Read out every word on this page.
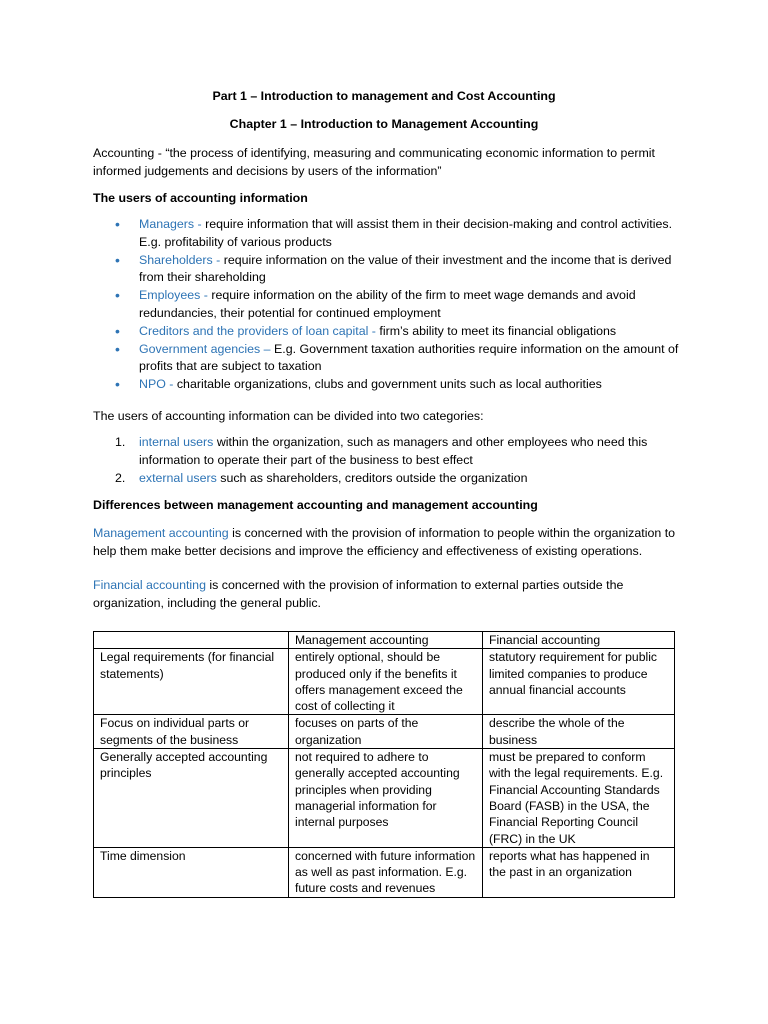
Part 1 – Introduction to management and Cost Accounting
Chapter 1 – Introduction to Management Accounting
Accounting - “the process of identifying, measuring and communicating economic information to permit informed judgements and decisions by users of the information”
The users of accounting information
• Managers - require information that will assist them in their decision-making and control activities. E.g. profitability of various products
• Shareholders - require information on the value of their investment and the income that is derived from their shareholding
• Employees - require information on the ability of the firm to meet wage demands and avoid redundancies, their potential for continued employment
• Creditors and the providers of loan capital - firm’s ability to meet its financial obligations
• Government agencies – E.g. Government taxation authorities require information on the amount of profits that are subject to taxation
• NPO - charitable organizations, clubs and government units such as local authorities
The users of accounting information can be divided into two categories:
1. internal users within the organization, such as managers and other employees who need this information to operate their part of the business to best effect
2. external users such as shareholders, creditors outside the organization
Differences between management accounting and management accounting
Management accounting is concerned with the provision of information to people within the organization to help them make better decisions and improve the efficiency and effectiveness of existing operations.
Financial accounting is concerned with the provision of information to external parties outside the organization, including the general public.
	Management accounting	Financial accounting
Legal requirements (for financial statements)	entirely optional, should be produced only if the benefits it offers management exceed the cost of collecting it	statutory requirement for public limited companies to produce annual financial accounts
Focus on individual parts or segments of the business	focuses on parts of the organization	describe the whole of the business
Generally accepted accounting principles	not required to adhere to generally accepted accounting principles when providing managerial information for internal purposes	must be prepared to conform with the legal requirements. E.g. Financial Accounting Standards Board (FASB) in the USA, the Financial Reporting Council (FRC) in the UK
Time dimension	concerned with future information as well as past information. E.g. future costs and revenues	reports what has happened in the past in an organization
